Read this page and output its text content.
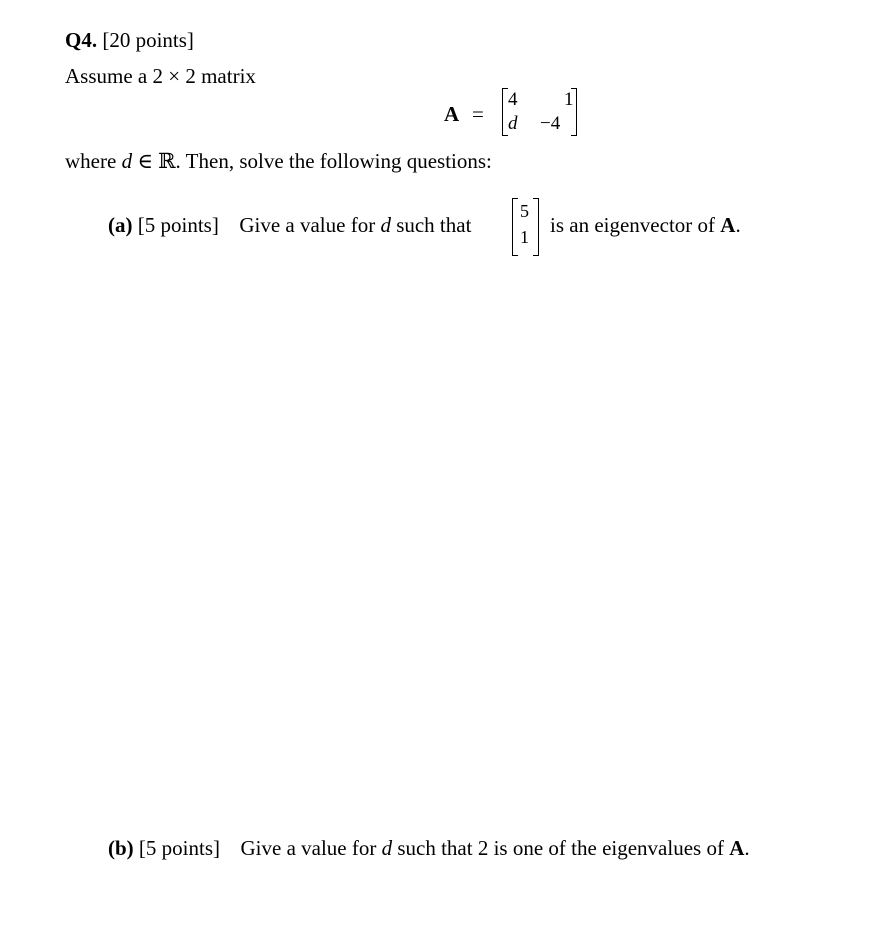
Q4. [20 points]
Assume a 2 × 2 matrix
A =
4 1
d −4
where d ∈ ℝ. Then, solve the following questions:
(a) [5 points] Give a value for d such that
5
1 is an eigenvector of A.
(b) [5 points] Give a value for d such that 2 is one of the eigenvalues of A.
